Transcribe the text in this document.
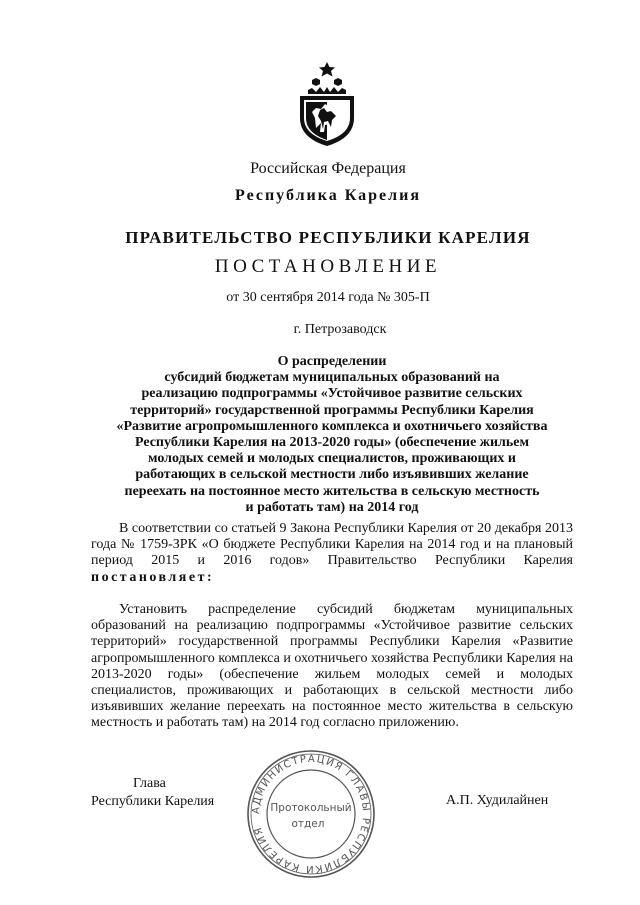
Российская Федерация
Республика Карелия
ПРАВИТЕЛЬСТВО РЕСПУБЛИКИ КАРЕЛИЯ
ПОСТАНОВЛЕНИЕ
от 30 сентября 2014 года № 305-П
г. Петрозаводск
О распределении
субсидий бюджетам муниципальных образований на
реализацию подпрограммы «Устойчивое развитие сельских
территорий» государственной программы Республики Карелия
«Развитие агропромышленного комплекса и охотничьего хозяйства
Республики Карелия на 2013-2020 годы» (обеспечение жильем
молодых семей и молодых специалистов, проживающих и
работающих в сельской местности либо изъявивших желание
переехать на постоянное место жительства в сельскую местность
и работать там) на 2014 год
В соответствии со статьей 9 Закона Республики Карелия от 20 декабря 2013 года № 1759-ЗРК «О бюджете Республики Карелия на 2014 год и на плановый период 2015 и 2016 годов» Правительство Республики Карелия постановляет:
Установить распределение субсидий бюджетам муниципальных образований на реализацию подпрограммы «Устойчивое развитие сельских территорий» государственной программы Республики Карелия «Развитие агропромышленного комплекса и охотничьего хозяйства Республики Карелия на 2013-2020 годы» (обеспечение жильем молодых семей и молодых специалистов, проживающих и работающих в сельской местности либо изъявивших желание переехать на постоянное место жительства в сельскую местность и работать там) на 2014 год согласно приложению.
Глава
Республики Карелия
АДМИНИСТРАЦИЯ ГЛАВЫ РЕСПУБЛИКИ КАРЕЛИЯ
Протокольный
отдел
А.П. Худилайнен
